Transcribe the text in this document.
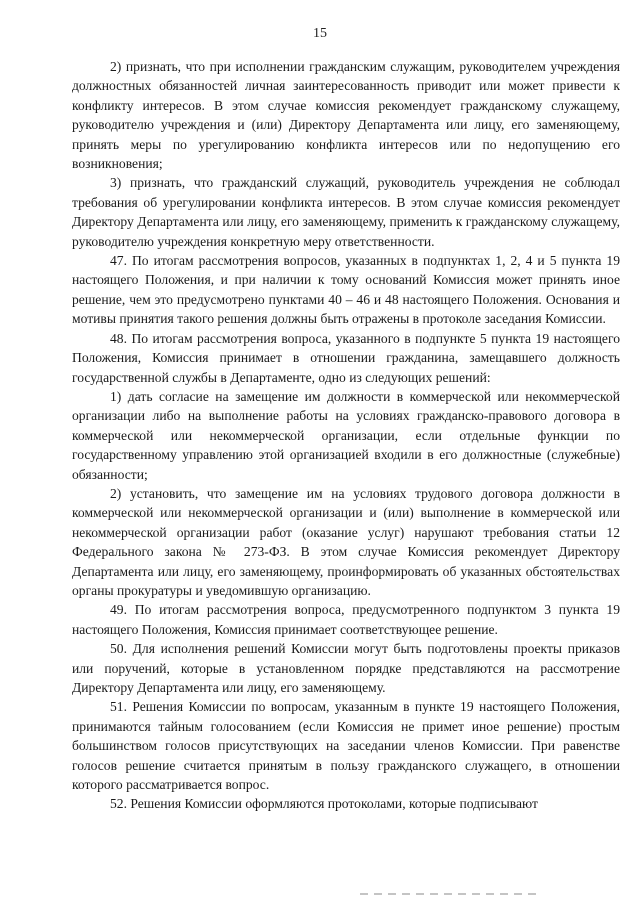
15

2) признать, что при исполнении гражданским служащим, руководителем учреждения должностных обязанностей личная заинтересованность приводит или может привести к конфликту интересов. В этом случае комиссия рекомендует гражданскому служащему, руководителю учреждения и (или) Директору Департамента или лицу, его заменяющему, принять меры по урегулированию конфликта интересов или по недопущению его возникновения;

3) признать, что гражданский служащий, руководитель учреждения не соблюдал требования об урегулировании конфликта интересов. В этом случае комиссия рекомендует Директору Департамента или лицу, его заменяющему, применить к гражданскому служащему, руководителю учреждения конкретную меру ответственности.

47. По итогам рассмотрения вопросов, указанных в подпунктах 1, 2, 4 и 5 пункта 19 настоящего Положения, и при наличии к тому оснований Комиссия может принять иное решение, чем это предусмотрено пунктами 40 – 46 и 48 настоящего Положения. Основания и мотивы принятия такого решения должны быть отражены в протоколе заседания Комиссии.

48. По итогам рассмотрения вопроса, указанного в подпункте 5 пункта 19 настоящего Положения, Комиссия принимает в отношении гражданина, замещавшего должность государственной службы в Департаменте, одно из следующих решений:

1) дать согласие на замещение им должности в коммерческой или некоммерческой организации либо на выполнение работы на условиях гражданско-правового договора в коммерческой или некоммерческой организации, если отдельные функции по государственному управлению этой организацией входили в его должностные (служебные) обязанности;

2) установить, что замещение им на условиях трудового договора должности в коммерческой или некоммерческой организации и (или) выполнение в коммерческой или некоммерческой организации работ (оказание услуг) нарушают требования статьи 12 Федерального закона № 273-ФЗ. В этом случае Комиссия рекомендует Директору Департамента или лицу, его заменяющему, проинформировать об указанных обстоятельствах органы прокуратуры и уведомившую организацию.

49. По итогам рассмотрения вопроса, предусмотренного подпунктом 3 пункта 19 настоящего Положения, Комиссия принимает соответствующее решение.

50. Для исполнения решений Комиссии могут быть подготовлены проекты приказов или поручений, которые в установленном порядке представляются на рассмотрение Директору Департамента или лицу, его заменяющему.

51. Решения Комиссии по вопросам, указанным в пункте 19 настоящего Положения, принимаются тайным голосованием (если Комиссия не примет иное решение) простым большинством голосов присутствующих на заседании членов Комиссии. При равенстве голосов решение считается принятым в пользу гражданского служащего, в отношении которого рассматривается вопрос.

52. Решения Комиссии оформляются протоколами, которые подписывают
